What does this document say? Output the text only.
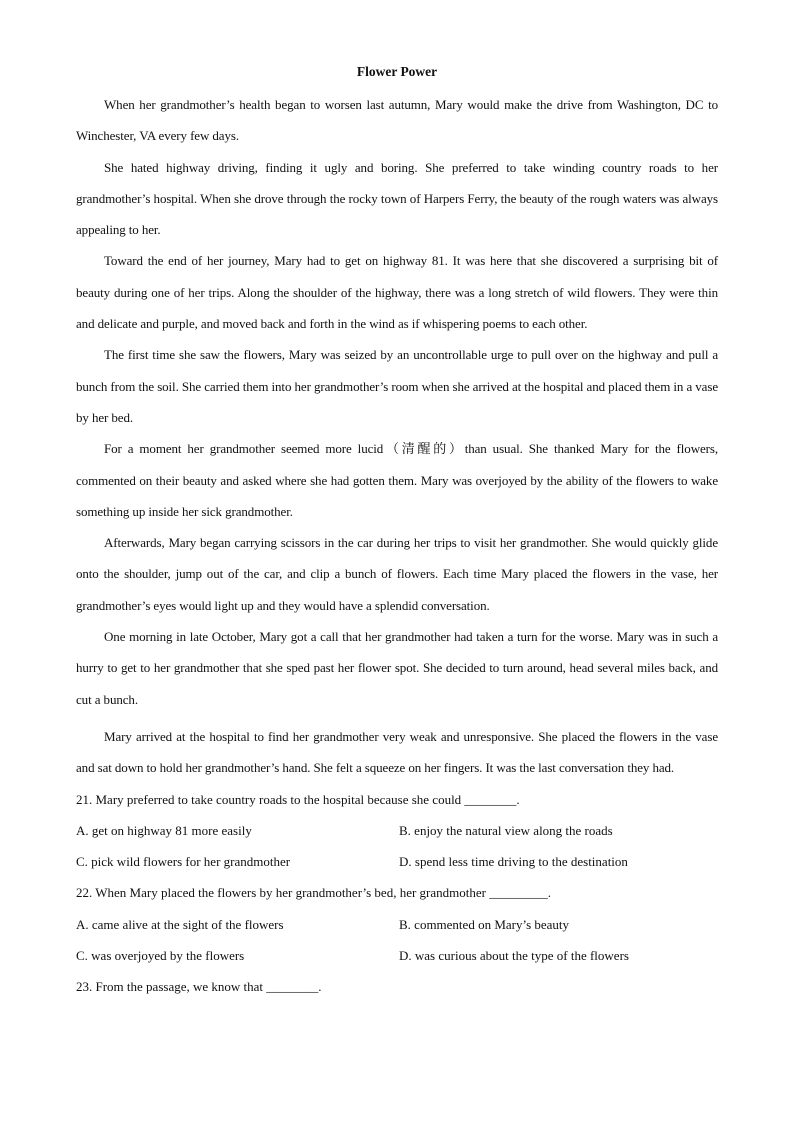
Flower Power

When her grandmother’s health began to worsen last autumn, Mary would make the drive from Washington, DC to Winchester, VA every few days.

She hated highway driving, finding it ugly and boring. She preferred to take winding country roads to her grandmother’s hospital. When she drove through the rocky town of Harpers Ferry, the beauty of the rough waters was always appealing to her.

Toward the end of her journey, Mary had to get on highway 81. It was here that she discovered a surprising bit of beauty during one of her trips. Along the shoulder of the highway, there was a long stretch of wild flowers. They were thin and delicate and purple, and moved back and forth in the wind as if whispering poems to each other.

The first time she saw the flowers, Mary was seized by an uncontrollable urge to pull over on the highway and pull a bunch from the soil. She carried them into her grandmother’s room when she arrived at the hospital and placed them in a vase by her bed.

For a moment her grandmother seemed more lucid（清醒的）than usual. She thanked Mary for the flowers, commented on their beauty and asked where she had gotten them. Mary was overjoyed by the ability of the flowers to wake something up inside her sick grandmother.

Afterwards, Mary began carrying scissors in the car during her trips to visit her grandmother. She would quickly glide onto the shoulder, jump out of the car, and clip a bunch of flowers. Each time Mary placed the flowers in the vase, her grandmother’s eyes would light up and they would have a splendid conversation.

One morning in late October, Mary got a call that her grandmother had taken a turn for the worse. Mary was in such a hurry to get to her grandmother that she sped past her flower spot. She decided to turn around, head several miles back, and cut a bunch.

Mary arrived at the hospital to find her grandmother very weak and unresponsive. She placed the flowers in the vase and sat down to hold her grandmother’s hand. She felt a squeeze on her fingers. It was the last conversation they had.

21. Mary preferred to take country roads to the hospital because she could ________.

A. get on highway 81 more easily	B. enjoy the natural view along the roads
C. pick wild flowers for her grandmother	D. spend less time driving to the destination

22. When Mary placed the flowers by her grandmother’s bed, her grandmother _________.

A. came alive at the sight of the flowers	B. commented on Mary’s beauty
C. was overjoyed by the flowers	D. was curious about the type of the flowers

23. From the passage, we know that ________.
